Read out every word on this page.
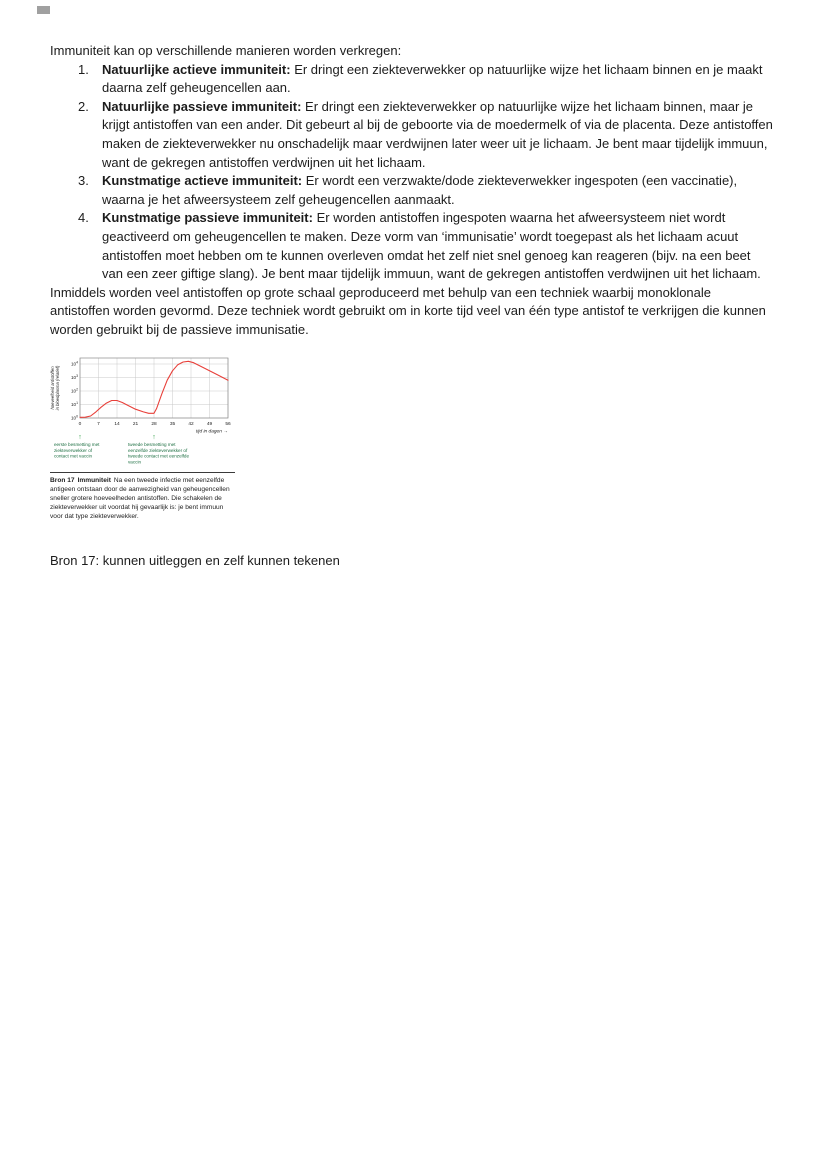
Immuniteit kan op verschillende manieren worden verkregen:

1.	Natuurlijke actieve immuniteit: Er dringt een ziekteverwekker op natuurlijke wijze het lichaam binnen en je maakt daarna zelf geheugencellen aan.
2.	Natuurlijke passieve immuniteit: Er dringt een ziekteverwekker op natuurlijke wijze het lichaam binnen, maar je krijgt antistoffen van een ander. Dit gebeurt al bij de geboorte via de moedermelk of via de placenta. Deze antistoffen maken de ziekteverwekker nu onschadelijk maar verdwijnen later weer uit je lichaam. Je bent maar tijdelijk immuun, want de gekregen antistoffen verdwijnen uit het lichaam.
3.	Kunstmatige actieve immuniteit: Er wordt een verzwakte/dode ziekteverwekker ingespoten (een vaccinatie), waarna je het afweersysteem zelf geheugencellen aanmaakt.
4.	Kunstmatige passieve immuniteit: Er worden antistoffen ingespoten waarna het afweersysteem niet wordt geactiveerd om geheugencellen te maken. Deze vorm van ‘immunisatie’ wordt toegepast als het lichaam acuut antistoffen moet hebben om te kunnen overleven omdat het zelf niet snel genoeg kan reageren (bijv. na een beet van een zeer giftige slang). Je bent maar tijdelijk immuun, want de gekregen antistoffen verdwijnen uit het lichaam.

Inmiddels worden veel antistoffen op grote schaal geproduceerd met behulp van een techniek waarbij monoklonale antistoffen worden gevormd. Deze techniek wordt gebruikt om in korte tijd veel van één type antistof te verkrijgen die kunnen worden gebruikt bij de passieve immunisatie.

$10^0$
$10^1$
$10^2$
$10^3$
$10^4$
0	7	14	21	28	35	42	49	56
tijd in dagen →
hoeveelheid antistoffenin bloedplasma (relatief)
↑
eerste besmetting met
ziekteverwekker of
contact met vaccin
↑
tweede besmetting met
eenzelfde ziekteverwekker of
tweede contact met eenzelfde
vaccin
Bron 17 Immuniteit Na een tweede infectie met eenzelfde antigeen ontstaan door de aanwezigheid van geheugencellen sneller grotere hoeveelheden antistoffen. Die schakelen de ziekteverwekker uit voordat hij gevaarlijk is: je bent immuun voor dat type ziekteverwekker.

Bron 17: kunnen uitleggen en zelf kunnen tekenen
